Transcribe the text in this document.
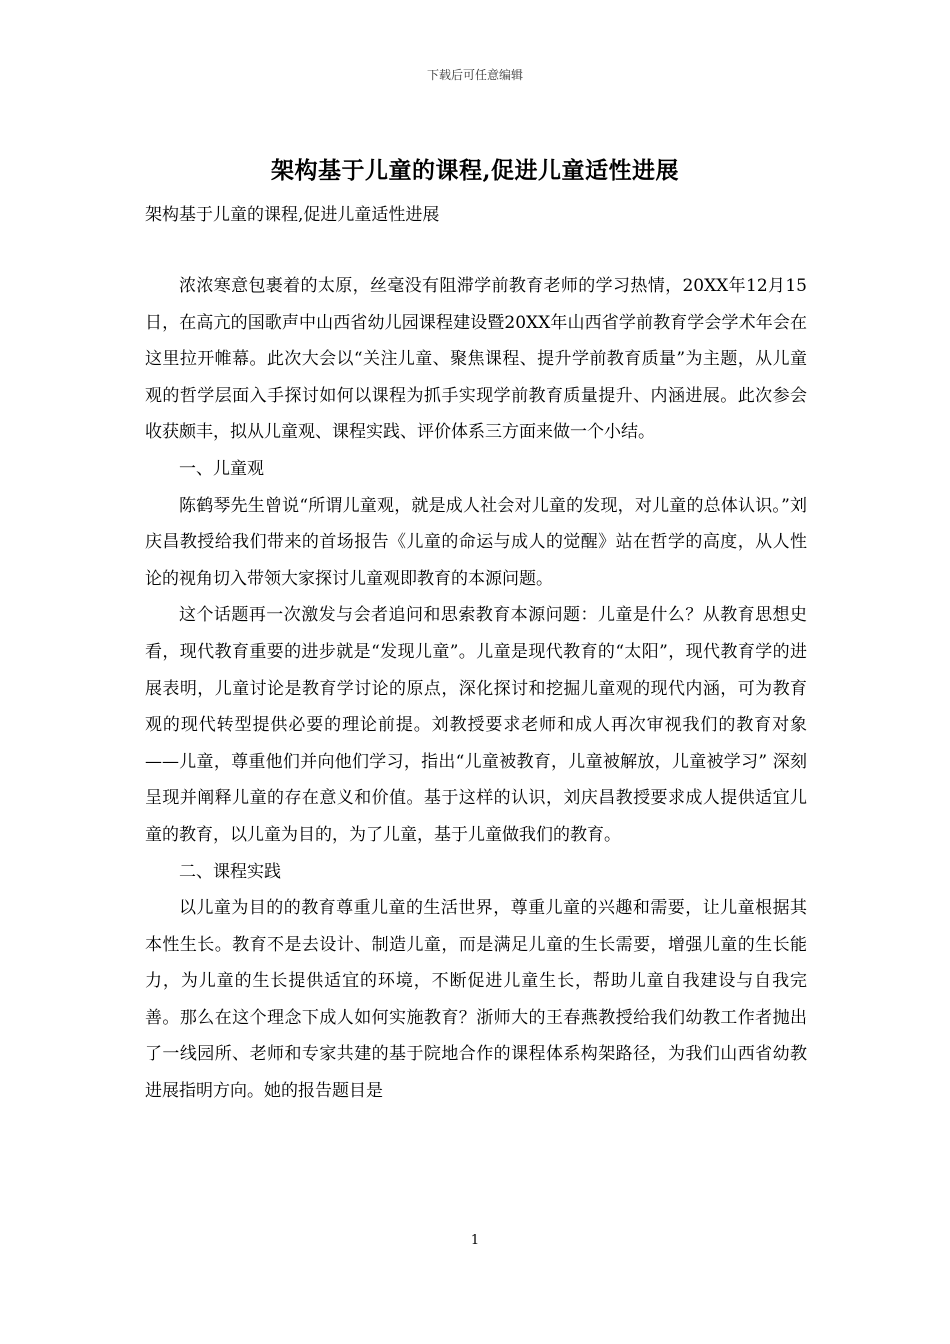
下载后可任意编辑
架构基于儿童的课程,促进儿童适性进展
架构基于儿童的课程,促进儿童适性进展

浓浓寒意包裹着的太原，丝毫没有阻滞学前教育老师的学习热情，20XX年12月15日，在高亢的国歌声中山西省幼儿园课程建设暨20XX年山西省学前教育学会学术年会在这里拉开帷幕。此次大会以“关注儿童、聚焦课程、提升学前教育质量”为主题，从儿童观的哲学层面入手探讨如何以课程为抓手实现学前教育质量提升、内涵进展。此次参会收获颇丰，拟从儿童观、课程实践、评价体系三方面来做一个小结。

一、儿童观

陈鹤琴先生曾说“所谓儿童观，就是成人社会对儿童的发现，对儿童的总体认识。”刘庆昌教授给我们带来的首场报告《儿童的命运与成人的觉醒》站在哲学的高度，从人性论的视角切入带领大家探讨儿童观即教育的本源问题。

这个话题再一次激发与会者追问和思索教育本源问题：儿童是什么？从教育思想史看，现代教育重要的进步就是“发现儿童”。儿童是现代教育的“太阳”，现代教育学的进展表明，儿童讨论是教育学讨论的原点，深化探讨和挖掘儿童观的现代内涵，可为教育观的现代转型提供必要的理论前提。刘教授要求老师和成人再次审视我们的教育对象——儿童，尊重他们并向他们学习，指出“儿童被教育，儿童被解放，儿童被学习” 深刻呈现并阐释儿童的存在意义和价值。基于这样的认识，刘庆昌教授要求成人提供适宜儿童的教育，以儿童为目的，为了儿童，基于儿童做我们的教育。

二、课程实践

以儿童为目的的教育尊重儿童的生活世界，尊重儿童的兴趣和需要，让儿童根据其本性生长。教育不是去设计、制造儿童，而是满足儿童的生长需要，增强儿童的生长能力，为儿童的生长提供适宜的环境，不断促进儿童生长，帮助儿童自我建设与自我完善。那么在这个理念下成人如何实施教育？浙师大的王春燕教授给我们幼教工作者抛出了一线园所、老师和专家共建的基于院地合作的课程体系构架路径，为我们山西省幼教进展指明方向。她的报告题目是

1
